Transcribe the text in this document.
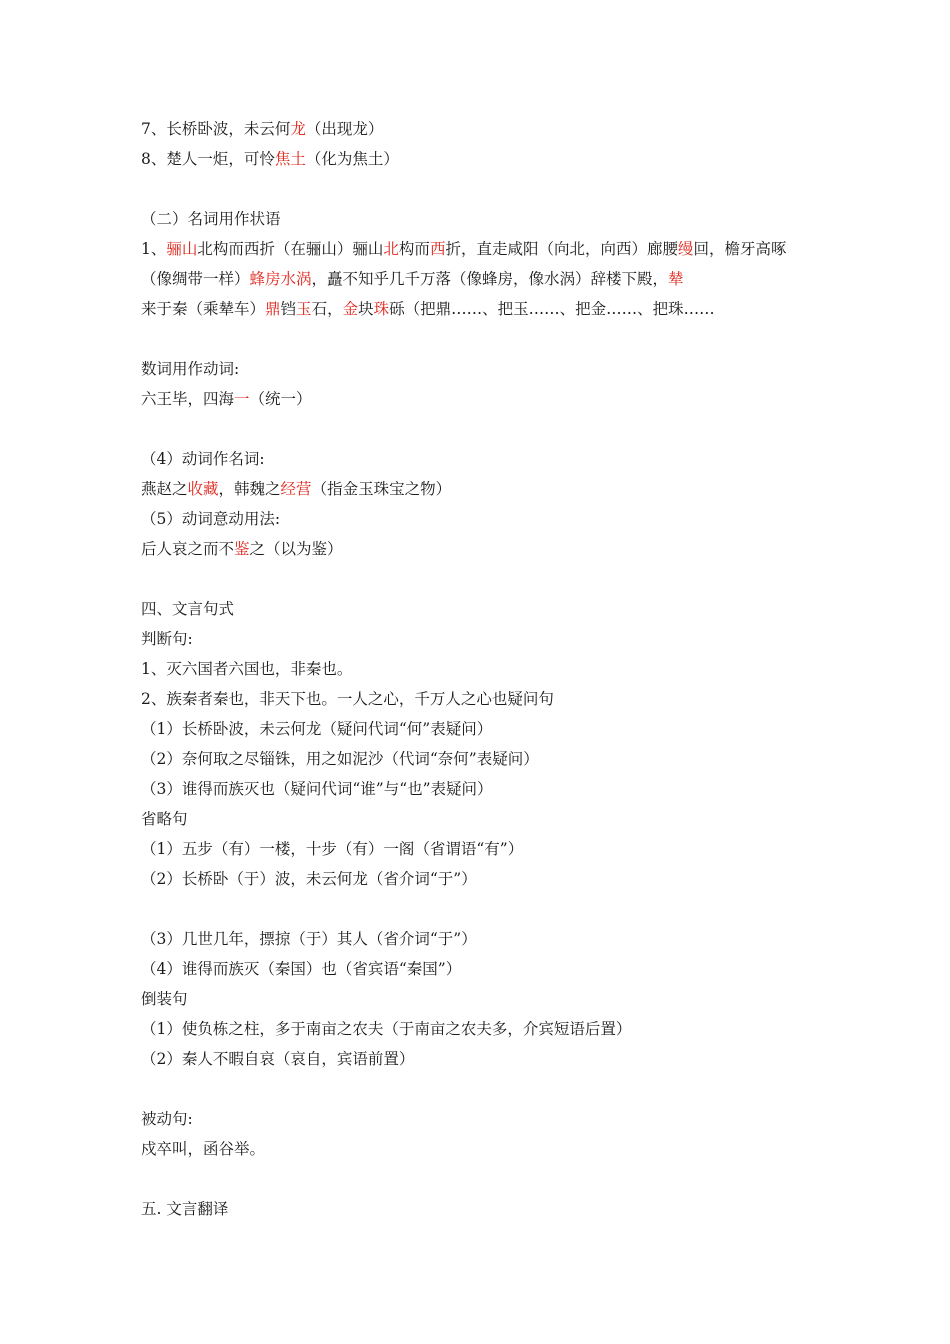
7、长桥卧波，未云何龙（出现龙）
8、楚人一炬，可怜焦土（化为焦土）
（二）名词用作状语
1、骊山北构而西折（在骊山）骊山北构而西折，直走咸阳（向北，向西）廊腰缦回，檐牙高啄（像绸带一样）蜂房水涡，矗不知乎几千万落（像蜂房，像水涡）辞楼下殿，辇来于秦（乘辇车）鼎铛玉石，金块珠砾（把鼎……、把玉……、把金……、把珠……
数词用作动词:
六王毕，四海一（统一）
（4）动词作名词:
燕赵之收藏，韩魏之经营（指金玉珠宝之物）
（5）动词意动用法:
后人哀之而不鉴之（以为鉴）
四、文言句式
判断句:
1、灭六国者六国也，非秦也。
2、族秦者秦也，非天下也。一人之心，千万人之心也疑问句
（1）长桥卧波，未云何龙（疑问代词“何”表疑问）
（2）奈何取之尽锱铢，用之如泥沙（代词“奈何”表疑问）
（3）谁得而族灭也（疑问代词“谁”与“也”表疑问）
省略句
（1）五步（有）一楼，十步（有）一阁（省谓语“有”）
（2）长桥卧（于）波，未云何龙（省介词“于”）
（3）几世几年，摽掠（于）其人（省介词“于”）
（4）谁得而族灭（秦国）也（省宾语“秦国”）
倒装句
（1）使负栋之柱，多于南亩之农夫（于南亩之农夫多，介宾短语后置）
（2）秦人不暇自哀（哀自，宾语前置）
被动句:
戍卒叫，函谷举。
五. 文言翻译
